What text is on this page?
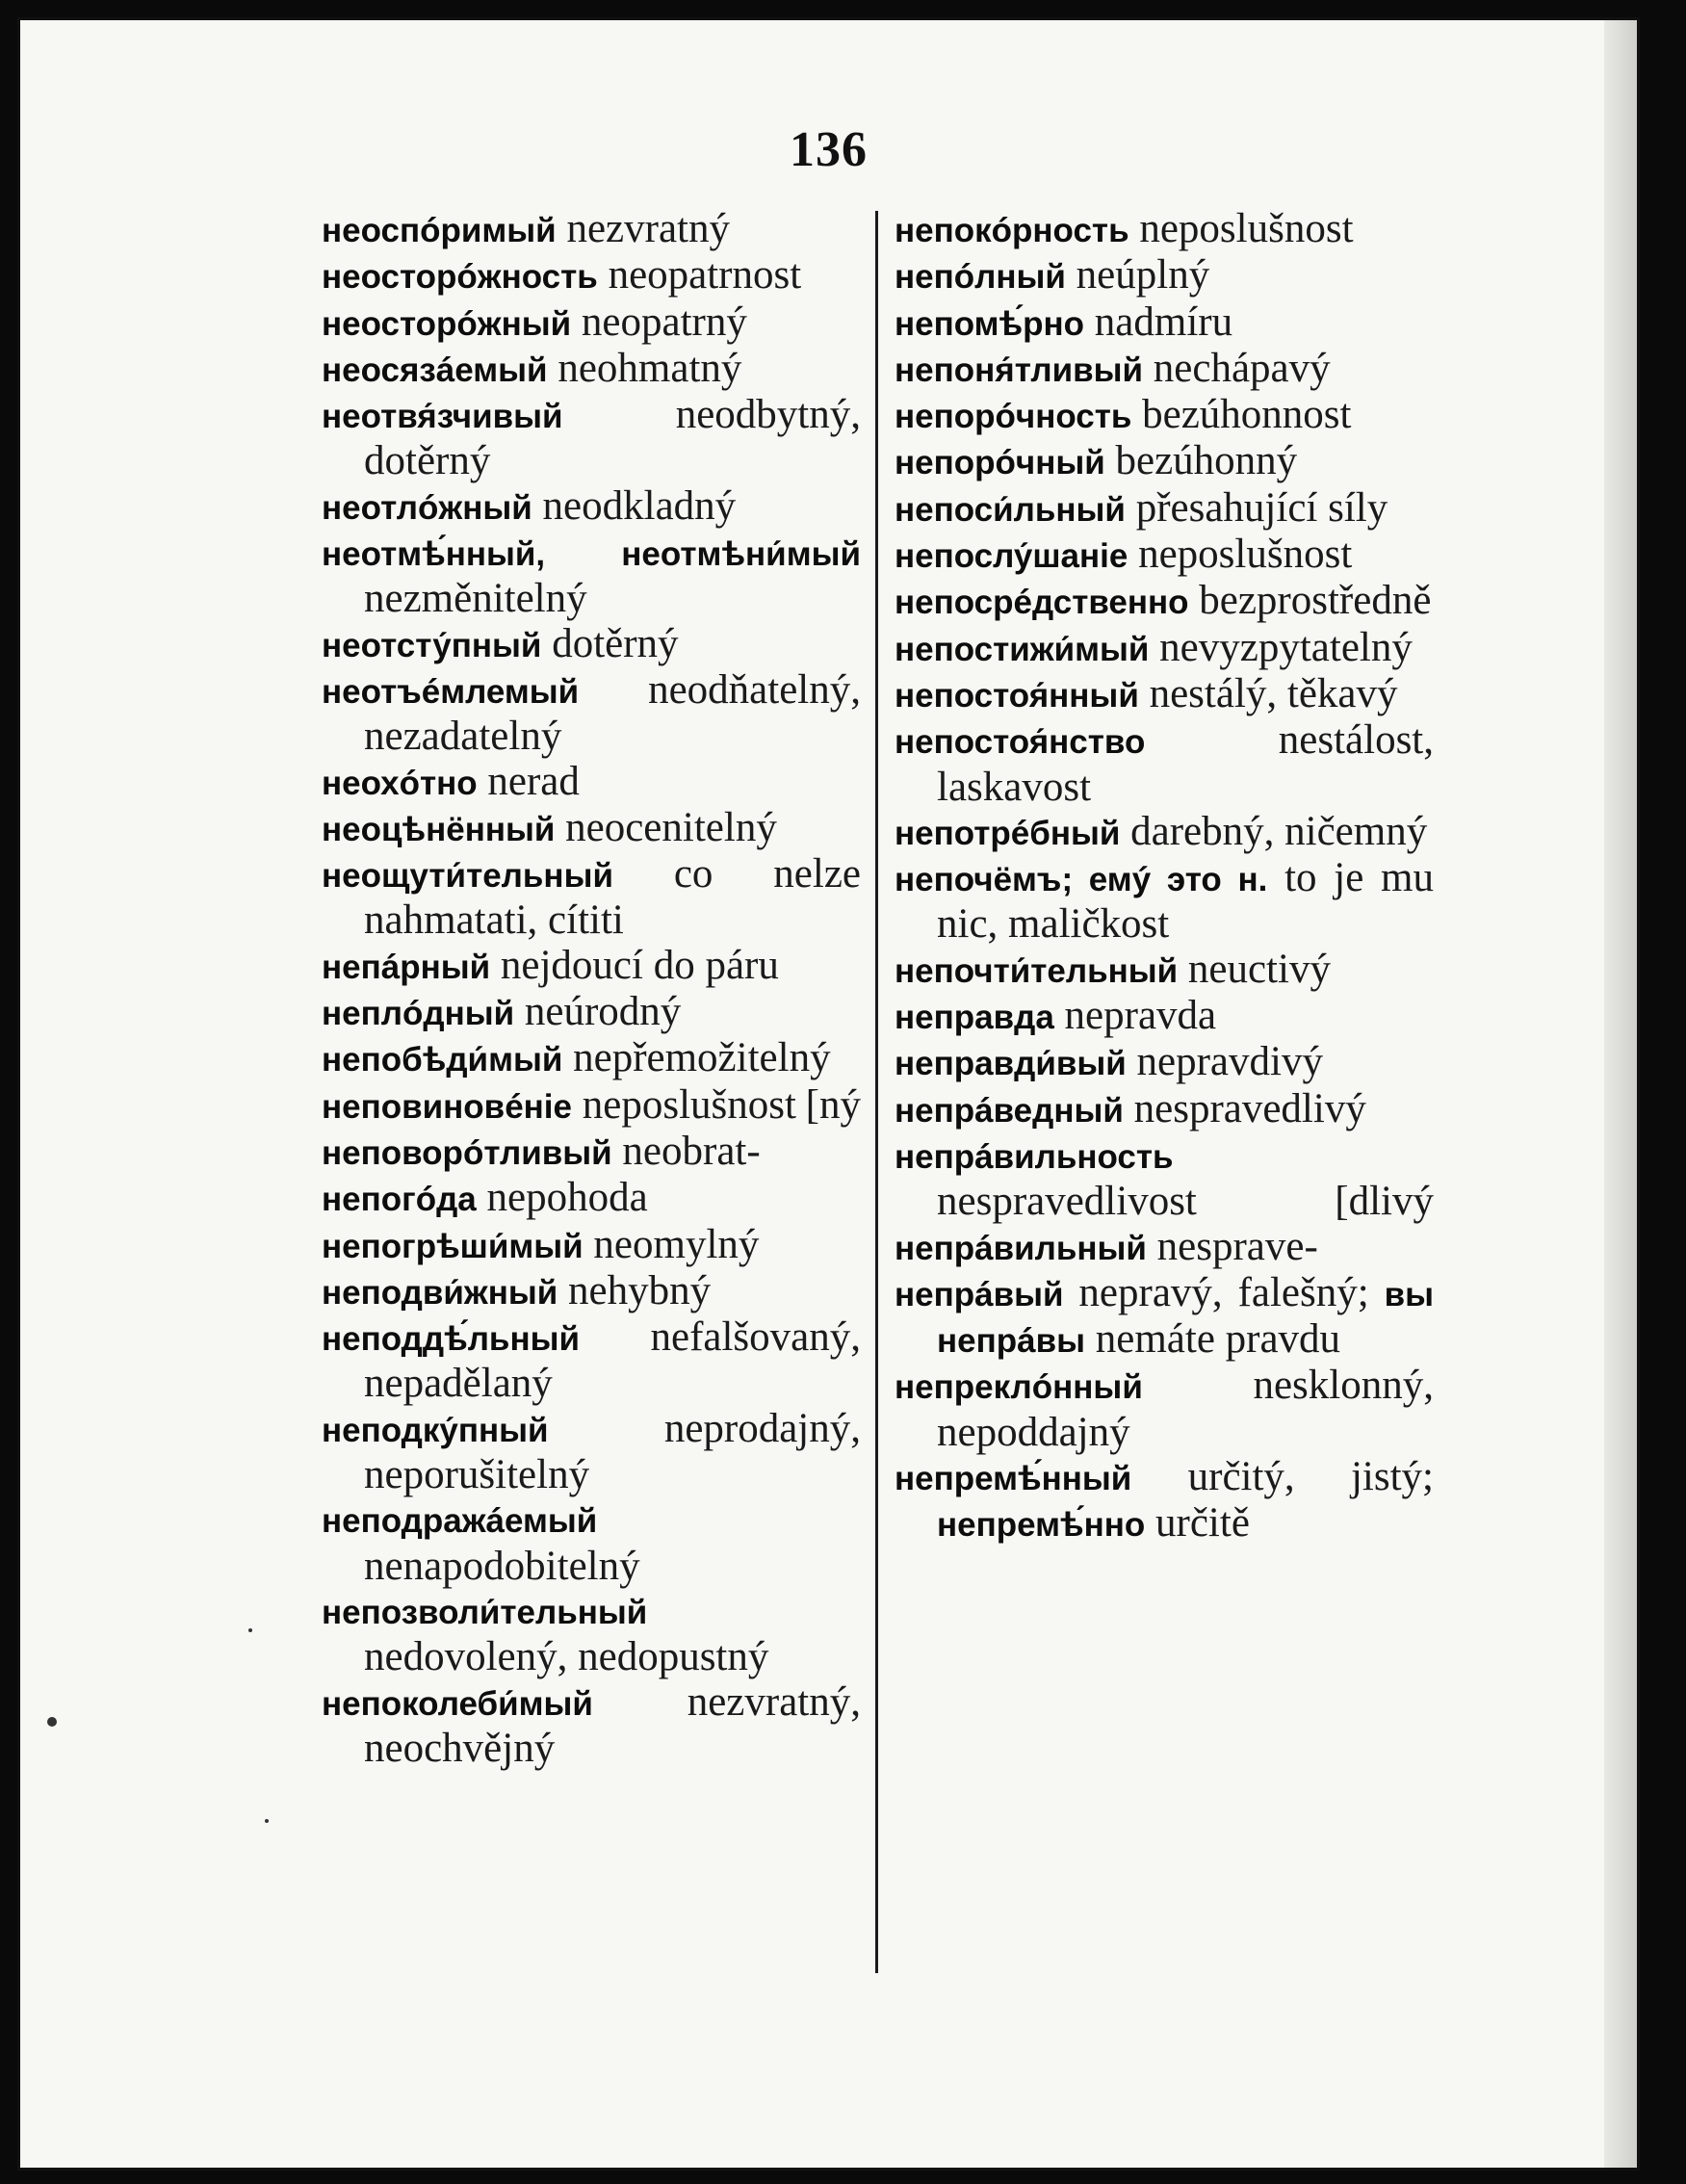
136

неоспóримый nezvratný

неосторóжность neopatrnost

неосторóжный neopatrný

неосязáемый neohmatný

неотвя́зчивый	neodbytný, dotěrný

неотлóжный neodkladný

неотмѣ́нный, неотмѣни́мый nezměnitelný

неотсту́пный dotěrný

неотъéмлемый neodňatelný, nezadatelný

неохóтно nerad

неоцѣнённый neocenitelný

неощути́тельный co nelze nahmatati, cítiti

непáрный nejdoucí do páru

неплóдный neúrodný

непобѣди́мый nepřemožitelný

неповиновéніе neposlušnost [ný

неповорóтливый neobrat-

непогóда nepohoda

непогрѣши́мый neomylný

неподви́жный nehybný

неподдѣ́льный nefalšovaný, nepadělaný

неподку́пный	neprodajný, neporušitelný

неподражáемый nenapodobitelný

непозволи́тельный nedovolený, nedopustný

непоколеби́мый nezvratný, neochvějný

непокóрность neposlušnost

непóлный neúplný

непомѣ́рно nadmíru

непоня́тливый nechápavý

непорóчность bezúhonnost

непорóчный bezúhonný

непоси́льный přesahující síly

непослу́шаніе neposlušnost

непосрéдственно bezprostředně

непостижи́мый nevyzpytatelný

непостоя́нный nestálý, těkavý

непостоя́нство	nestálost, laskavost

непотрéбный darebný, ničemný

непочёмъ; емý это н. to je mu nic, maličkost

непочти́тельный neuctivý

неправда nepravda

неправди́вый nepravdivý

непрáведный nespravedlivý

непрáвильность nespravedlivost	[dlivý

непрáвильный nesprave-

непрáвый nepravý, falešný; вы непрáвы nemáte pravdu

непреклóнный	nesklonný, nepoddajný

непремѣ́нный určitý, jistý; непремѣ́нно určitě
